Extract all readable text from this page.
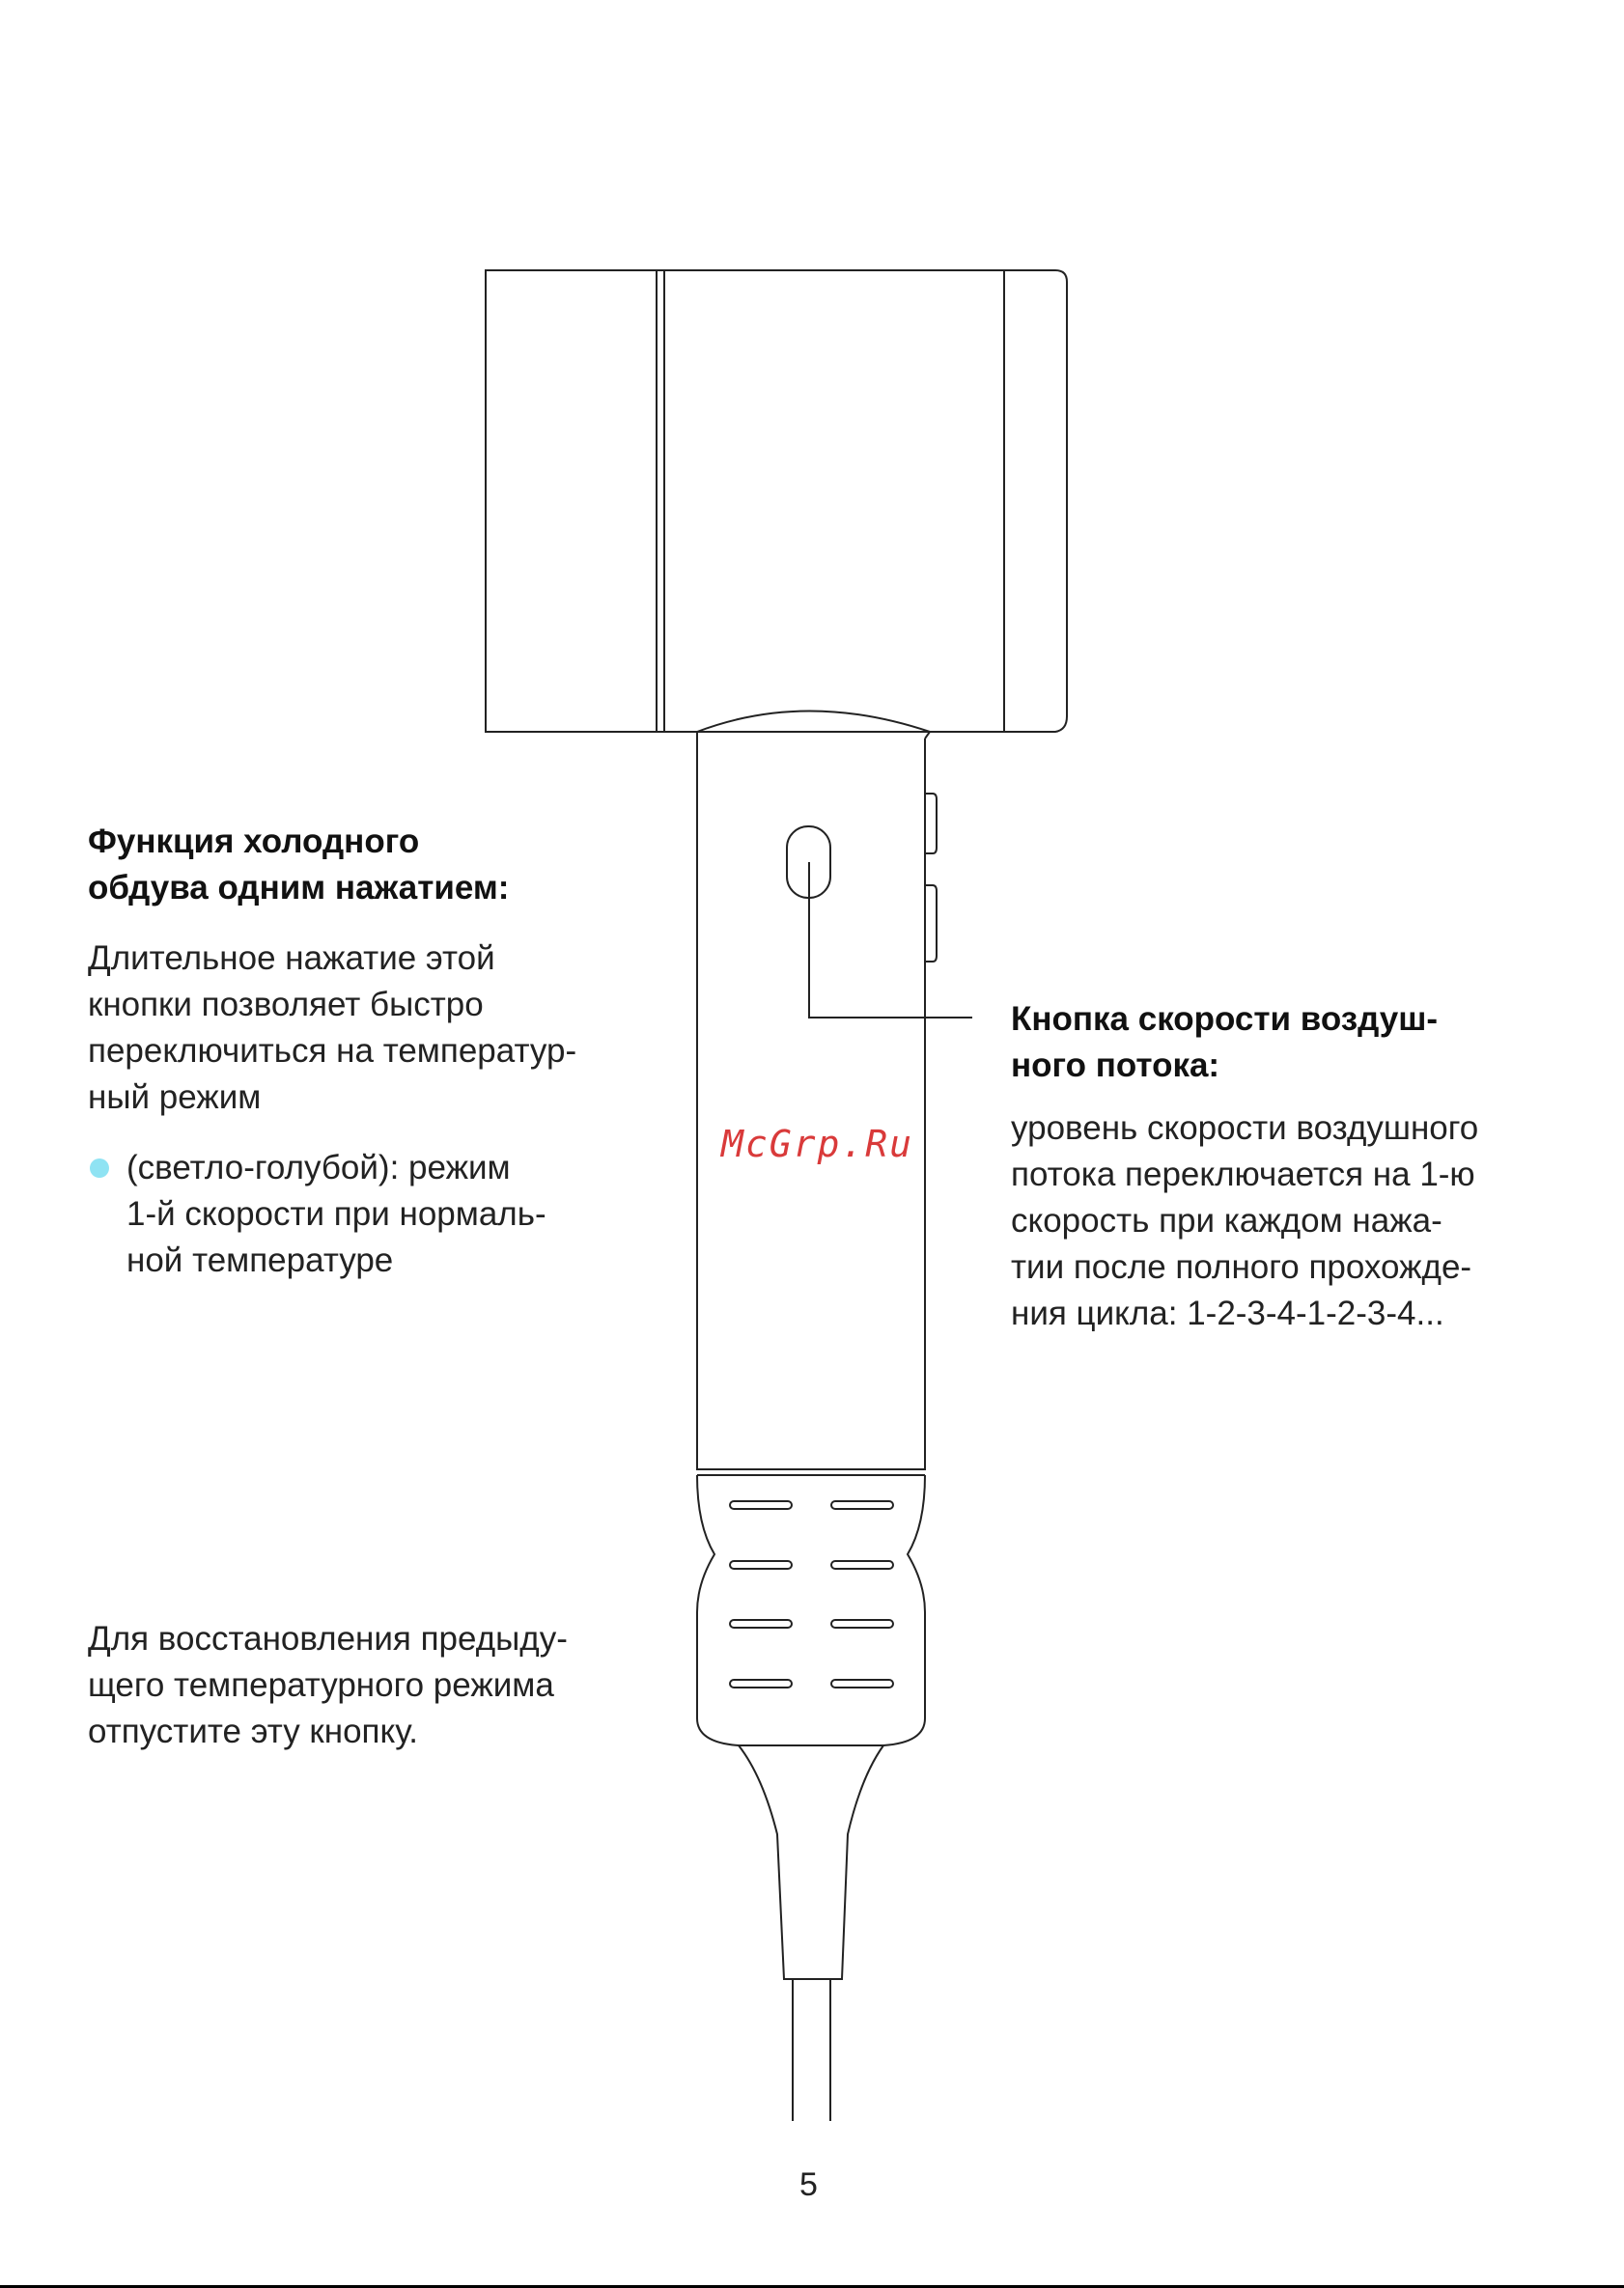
Функция холодного
обдува одним нажатием:

Длительное нажатие этой
кнопки позволяет быстро
переключиться на температур-
ный режим

(светло-голубой): режим
1-й скорости при нормаль-
ной температуре

Для восстановления предыду-
щего температурного режима
отпустите эту кнопку.

Кнопка скорости воздуш-
ного потока:

уровень скорости воздушного
потока переключается на 1-ю
скорость при каждом нажа-
тии после полного прохожде-
ния цикла: 1-2-3-4-1-2-3-4...

McGrp.Ru
5
